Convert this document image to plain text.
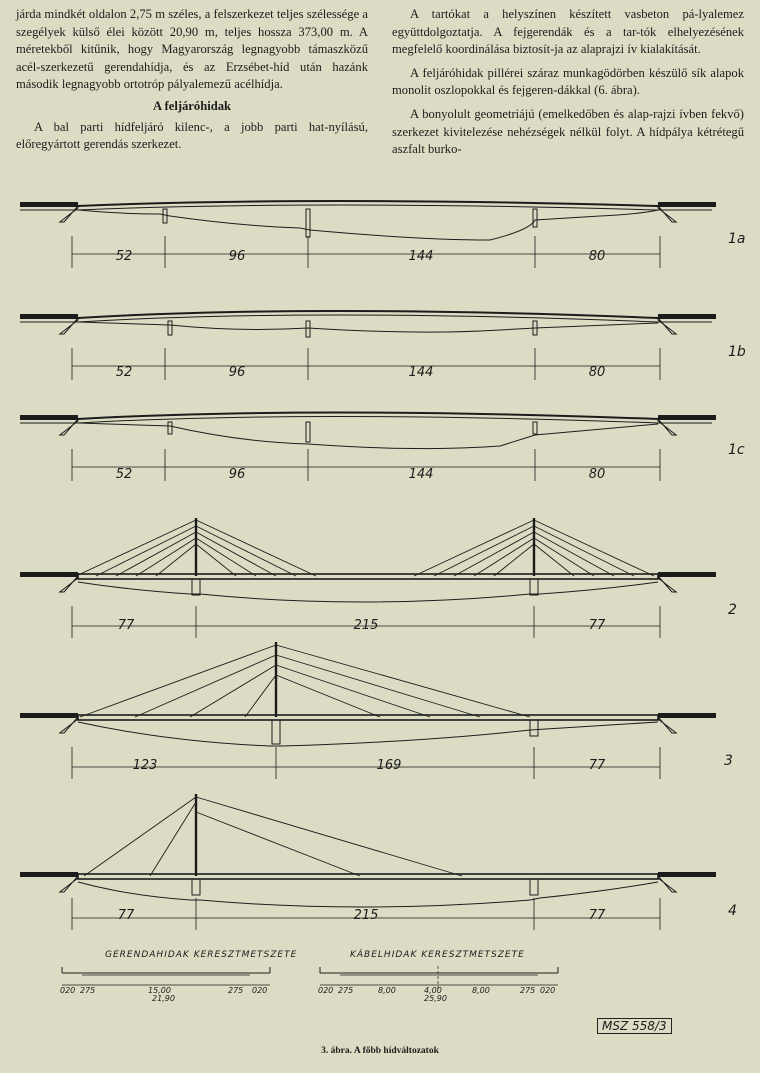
járda mindkét oldalon 2,75 m széles, a felszerkezet teljes szélessége a szegélyek külső élei között 20,90 m, teljes hossza 373,00 m. A méretekből kitűnik, hogy Magyarország legnagyobb támaszközű acél-szerkezetű gerendahídja, és az Erzsébet-híd után hazánk második legnagyobb ortotróp pályalemezű acélhídja.

A feljáróhidak

A bal parti hídfeljáró kilenc-, a jobb parti hat-nyílású, előregyártott gerendás szerkezet.

A tartókat a helyszínen készített vasbeton pá-lyalemez együttdolgoztatja. A fejgerendák és a tar-tók elhelyezésének megfelelő koordinálása biztosít-ja az alaprajzi ív kialakítását.

A feljáróhidak pillérei száraz munkagödörben készülő sík alapok monolit oszlopokkal és fejgeren-dákkal (6. ábra).

A bonyolult geometriájú (emelkedőben és alap-rajzi ívben fekvő) szerkezet kivitelezése nehézségek nélkül folyt. A hídpálya kétrétegű aszfalt burko-

1a
1b
1c
2
3
4
52	96	144	80
52	96	144	80
52	96	144	80
77	215	77
123	169	77
77	215	77
GERENDAHIDAK KERESZTMETSZETE	KÁBELHIDAK KERESZTMETSZETE
020 275	15,00	275 020
21,90
020 275	8,00	4,00	8,00	275 020
25,90
MSZ 558/3
3. ábra. A főbb hídváltozatok
